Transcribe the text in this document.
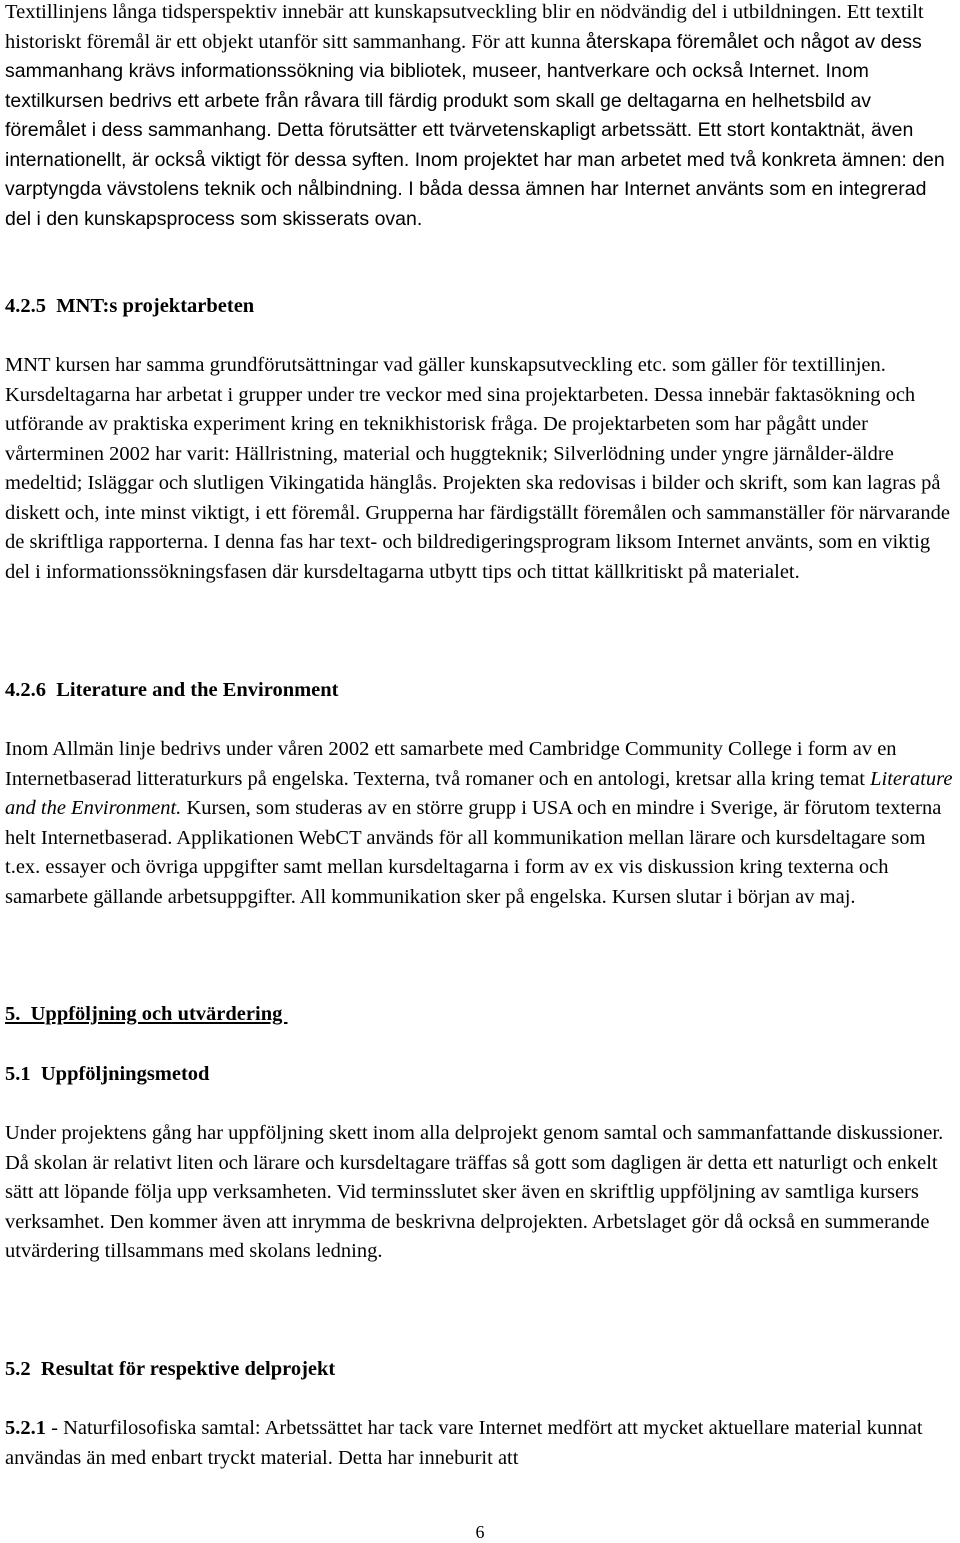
Textillinjens långa tidsperspektiv innebär att kunskapsutveckling blir en nödvändig del i utbildningen. Ett textilt historiskt föremål är ett objekt utanför sitt sammanhang. För att kunna återskapa föremålet och något av dess sammanhang krävs informationssökning via bibliotek, museer, hantverkare och också Internet. Inom textilkursen bedrivs ett arbete från råvara till färdig produkt som skall ge deltagarna en helhetsbild av föremålet i dess sammanhang. Detta förutsätter ett tvärvetenskapligt arbetssätt. Ett stort kontaktnät, även internationellt, är också viktigt för dessa syften. Inom projektet har man arbetet med två konkreta ämnen: den varptyngda vävstolens teknik och nålbindning. I båda dessa ämnen har Internet använts som en integrerad del i den kunskapsprocess som skisserats ovan.

4.2.5 MNT:s projektarbeten

MNT kursen har samma grundförutsättningar vad gäller kunskapsutveckling etc. som gäller för textillinjen. Kursdeltagarna har arbetat i grupper under tre veckor med sina projektarbeten. Dessa innebär faktasökning och utförande av praktiska experiment kring en teknikhistorisk fråga. De projektarbeten som har pågått under vårterminen 2002 har varit: Hällristning, material och huggteknik; Silverlödning under yngre järnålder-äldre medeltid; Isläggar och slutligen Vikingatida hänglås. Projekten ska redovisas i bilder och skrift, som kan lagras på diskett och, inte minst viktigt, i ett föremål. Grupperna har färdigställt föremålen och sammanställer för närvarande de skriftliga rapporterna. I denna fas har text- och bildredigeringsprogram liksom Internet använts, som en viktig del i informationssökningsfasen där kursdeltagarna utbytt tips och tittat källkritiskt på materialet.

4.2.6 Literature and the Environment

Inom Allmän linje bedrivs under våren 2002 ett samarbete med Cambridge Community College i form av en Internetbaserad litteraturkurs på engelska. Texterna, två romaner och en antologi, kretsar alla kring temat Literature and the Environment. Kursen, som studeras av en större grupp i USA och en mindre i Sverige, är förutom texterna helt Internetbaserad. Applikationen WebCT används för all kommunikation mellan lärare och kursdeltagare som t.ex. essayer och övriga uppgifter samt mellan kursdeltagarna i form av ex vis diskussion kring texterna och samarbete gällande arbetsuppgifter. All kommunikation sker på engelska. Kursen slutar i början av maj.

5.  Uppföljning och utvärdering

5.1 Uppföljningsmetod

Under projektens gång har uppföljning skett inom alla delprojekt genom samtal och sammanfattande diskussioner. Då skolan är relativt liten och lärare och kursdeltagare träffas så gott som dagligen är detta ett naturligt och enkelt sätt att löpande följa upp verksamheten. Vid terminsslutet sker även en skriftlig uppföljning av samtliga kursers verksamhet. Den kommer även att inrymma de beskrivna delprojekten. Arbetslaget gör då också en summerande utvärdering tillsammans med skolans ledning.

5.2 Resultat för respektive delprojekt

5.2.1 - Naturfilosofiska samtal: Arbetssättet har tack vare Internet medfört att mycket aktuellare material kunnat användas än med enbart tryckt material. Detta har inneburit att

6
